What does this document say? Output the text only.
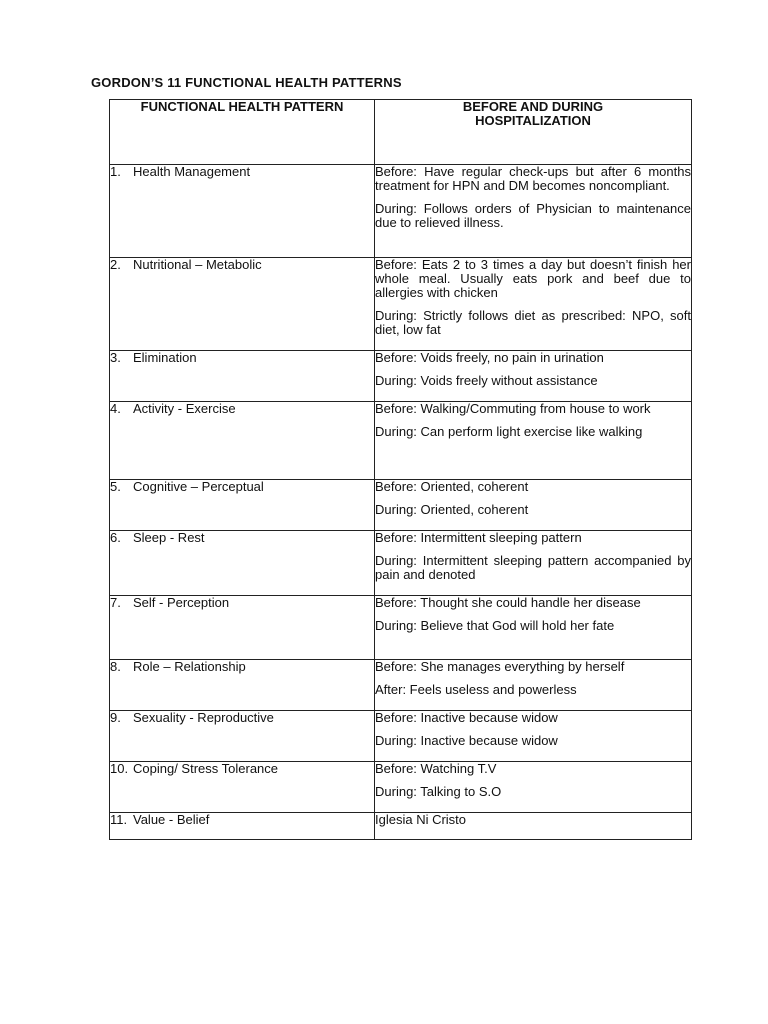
GORDON’S 11 FUNCTIONAL HEALTH PATTERNS
FUNCTIONAL HEALTH PATTERN	BEFORE AND DURING HOSPITALIZATION

1. Health Management	Before: Have regular check-ups but after 6 months treatment for HPN and DM becomes noncompliant.
During: Follows orders of Physician to maintenance due to relieved illness.

2. Nutritional – Metabolic	Before: Eats 2 to 3 times a day but doesn’t finish her whole meal. Usually eats pork and beef due to allergies with chicken
During: Strictly follows diet as prescribed: NPO, soft diet, low fat

3. Elimination	Before: Voids freely, no pain in urination
During: Voids freely without assistance

4. Activity - Exercise	Before: Walking/Commuting from house to work
During: Can perform light exercise like walking

5. Cognitive – Perceptual	Before: Oriented, coherent
During: Oriented, coherent

6. Sleep - Rest	Before: Intermittent sleeping pattern
During: Intermittent sleeping pattern accompanied by pain and denoted

7. Self - Perception	Before: Thought she could handle her disease
During: Believe that God will hold her fate

8. Role – Relationship	Before: She manages everything by herself
After: Feels useless and powerless

9. Sexuality - Reproductive	Before: Inactive because widow
During: Inactive because widow

10. Coping/ Stress Tolerance	Before: Watching T.V
During: Talking to S.O

11. Value - Belief	Iglesia Ni Cristo
